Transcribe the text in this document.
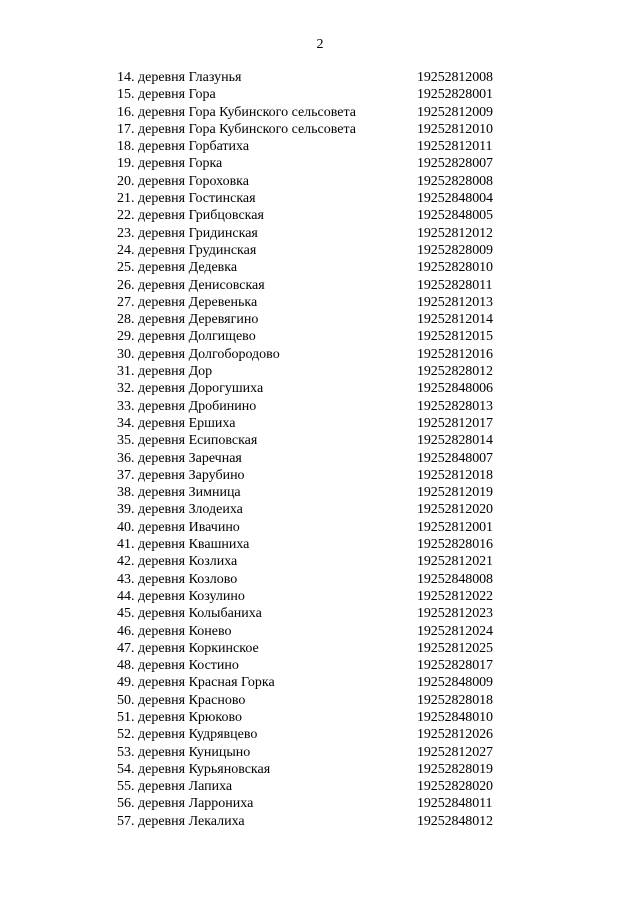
2
14. деревня Глазунья	19252812008
15. деревня Гора	19252828001
16. деревня Гора Кубинского сельсовета	19252812009
17. деревня Гора Кубинского сельсовета	19252812010
18. деревня Горбатиха	19252812011
19. деревня Горка	19252828007
20. деревня Гороховка	19252828008
21. деревня Гостинская	19252848004
22. деревня Грибцовская	19252848005
23. деревня Гридинская	19252812012
24. деревня Грудинская	19252828009
25. деревня Дедевка	19252828010
26. деревня Денисовская	19252828011
27. деревня Деревенька	19252812013
28. деревня Деревягино	19252812014
29. деревня Долгищево	19252812015
30. деревня Долгобородово	19252812016
31. деревня Дор	19252828012
32. деревня Дорогушиха	19252848006
33. деревня Дробинино	19252828013
34. деревня Ершиха	19252812017
35. деревня Есиповская	19252828014
36. деревня Заречная	19252848007
37. деревня Зарубино	19252812018
38. деревня Зимница	19252812019
39. деревня Злодеиха	19252812020
40. деревня Ивачино	19252812001
41. деревня Квашниха	19252828016
42. деревня Козлиха	19252812021
43. деревня Козлово	19252848008
44. деревня Козулино	19252812022
45. деревня Колыбаниха	19252812023
46. деревня Конево	19252812024
47. деревня Коркинское	19252812025
48. деревня Костино	19252828017
49. деревня Красная Горка	19252848009
50. деревня Красново	19252828018
51. деревня Крюково	19252848010
52. деревня Кудрявцево	19252812026
53. деревня Куницыно	19252812027
54. деревня Курьяновская	19252828019
55. деревня Лапиха	19252828020
56. деревня Ларрониха	19252848011
57. деревня Лекалиха	19252848012
